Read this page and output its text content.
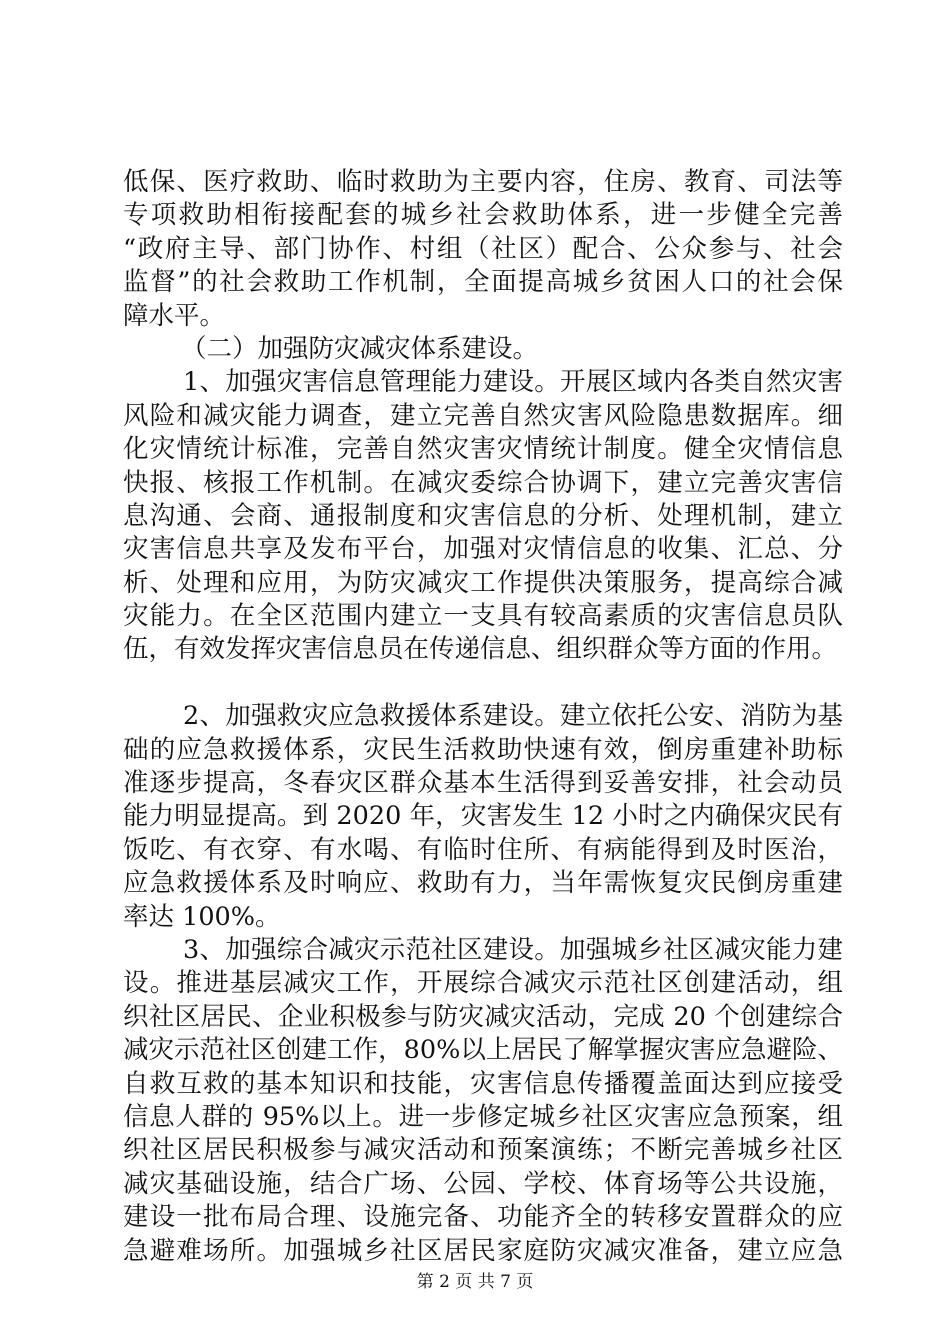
低保、医疗救助、临时救助为主要内容，住房、教育、司法等
专项救助相衔接配套的城乡社会救助体系，进一步健全完善
“政府主导、部门协作、村组（社区）配合、公众参与、社会
监督”的社会救助工作机制，全面提高城乡贫困人口的社会保
障水平。
（二）加强防灾减灾体系建设。
1、加强灾害信息管理能力建设。开展区域内各类自然灾害
风险和减灾能力调查，建立完善自然灾害风险隐患数据库。细
化灾情统计标准，完善自然灾害灾情统计制度。健全灾情信息
快报、核报工作机制。在减灾委综合协调下，建立完善灾害信
息沟通、会商、通报制度和灾害信息的分析、处理机制，建立
灾害信息共享及发布平台，加强对灾情信息的收集、汇总、分
析、处理和应用，为防灾减灾工作提供决策服务，提高综合减
灾能力。在全区范围内建立一支具有较高素质的灾害信息员队
伍，有效发挥灾害信息员在传递信息、组织群众等方面的作用。
2、加强救灾应急救援体系建设。建立依托公安、消防为基
础的应急救援体系，灾民生活救助快速有效，倒房重建补助标
准逐步提高，冬春灾区群众基本生活得到妥善安排，社会动员
能力明显提高。到 2020 年，灾害发生 12 小时之内确保灾民有
饭吃、有衣穿、有水喝、有临时住所、有病能得到及时医治，
应急救援体系及时响应、救助有力，当年需恢复灾民倒房重建
率达 100%。
3、加强综合减灾示范社区建设。加强城乡社区减灾能力建
设。推进基层减灾工作，开展综合减灾示范社区创建活动，组
织社区居民、企业积极参与防灾减灾活动，完成 20 个创建综合
减灾示范社区创建工作，80%以上居民了解掌握灾害应急避险、
自救互救的基本知识和技能，灾害信息传播覆盖面达到应接受
信息人群的 95%以上。进一步修定城乡社区灾害应急预案，组
织社区居民积极参与减灾活动和预案演练；不断完善城乡社区
减灾基础设施，结合广场、公园、学校、体育场等公共设施，
建设一批布局合理、设施完备、功能齐全的转移安置群众的应
急避难场所。加强城乡社区居民家庭防灾减灾准备，建立应急
第 2 页 共 7 页
